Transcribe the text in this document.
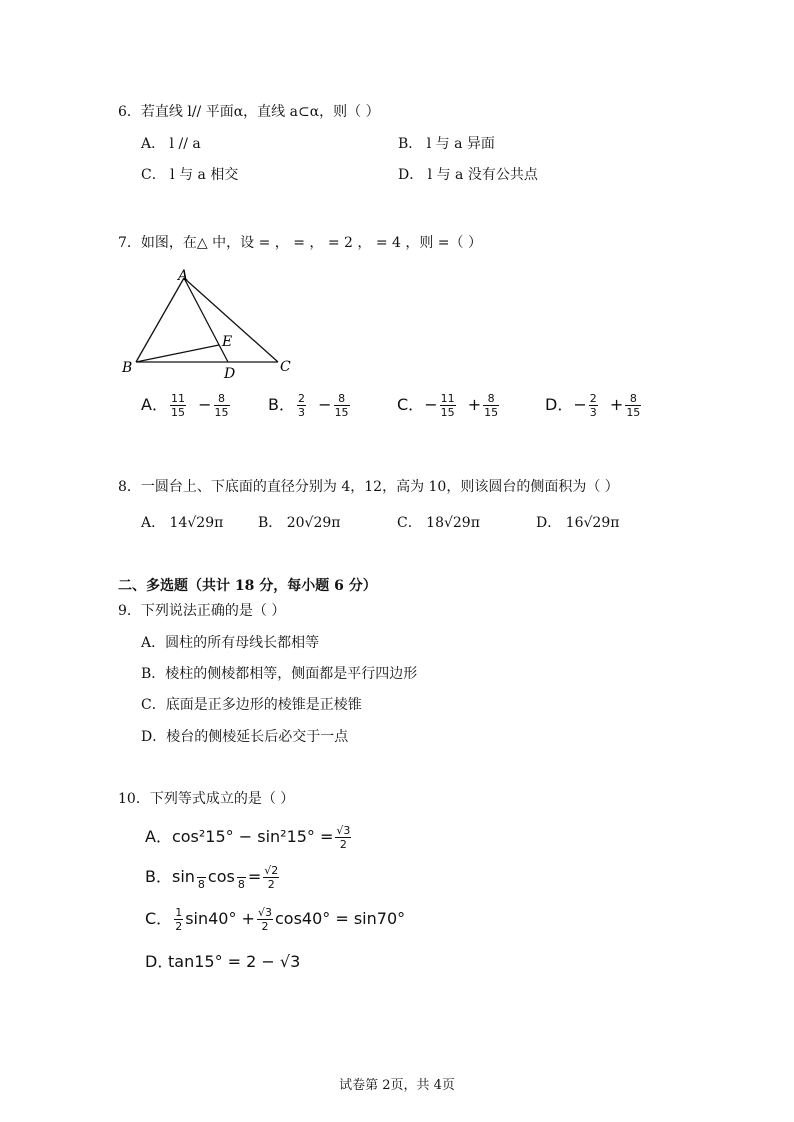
6．若直线 l// 平面α，直线 a⊂α，则（ ）
A． l // a	B． l 与 a 异面
C． l 与 a 相交	D． l 与 a 没有公共点
7．如图，在△ 中，设 = ， = ， = 2 ， = 4 ，则 =（ ）
A
B	C
D
E
A． $\frac{11}{15} - \frac{8}{15}$ B． $\frac{2}{3} - \frac{8}{15}$	C．− $\frac{11}{15} + \frac{8}{15}$	D．− $\frac{2}{3} + \frac{8}{15}$
8．一圆台上、下底面的直径分别为 4，12，高为 10，则该圆台的侧面积为（ ）
A． 14√29π B． 20√29π	C． 18√29π	D． 16√29π
二、多选题（共计 18 分，每小题 6 分）
9．下列说法正确的是（ ）
A．圆柱的所有母线长都相等
B．棱柱的侧棱都相等，侧面都是平行四边形
C．底面是正多边形的棱锥是正棱锥
D．棱台的侧棱延长后必交于一点
10．下列等式成立的是（ ）
A．$\cos^215^\circ - \sin^215^\circ = \frac{√3}{2}$
B．sin
8 cos
$8 = \frac{√2}{2}$
C． $\frac{1}{2} \sin 40^\circ + \frac{√3}{2} \cos 40^\circ = \sin 70^\circ$
tan15° = 2 − √3
D．
试卷第 2页，共 4页
